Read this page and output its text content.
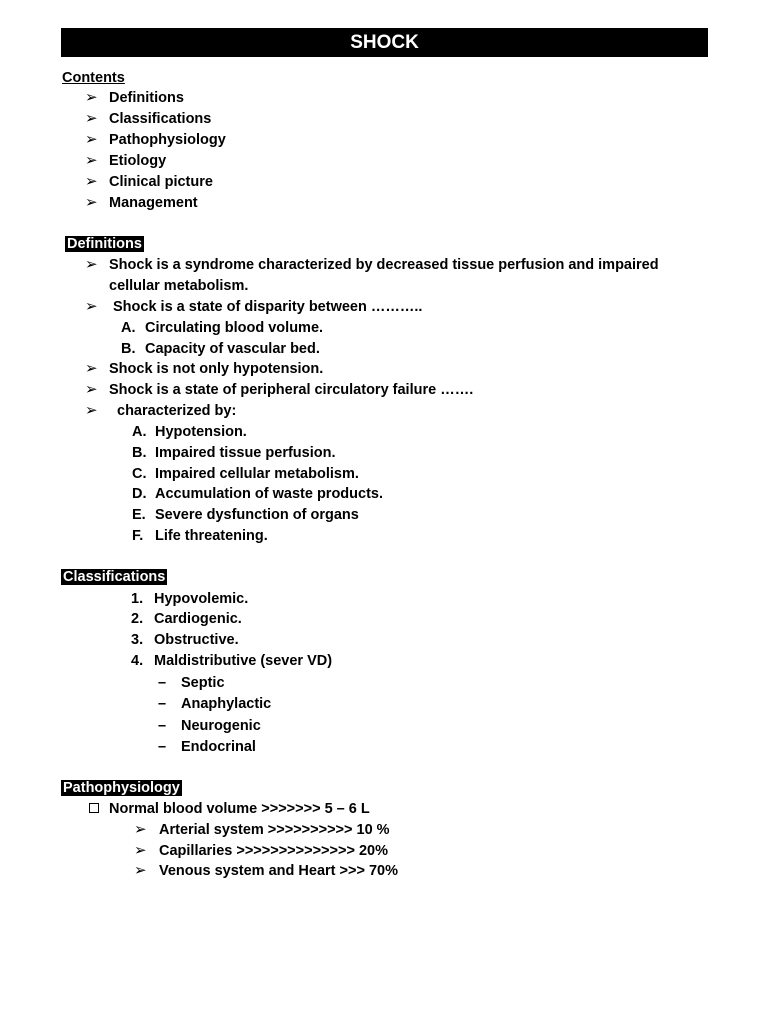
SHOCK
Contents
➢ Definitions
➢ Classifications
➢ Pathophysiology
➢ Etiology
➢ Clinical picture
➢ Management
Definitions
➢ Shock is a syndrome characterized by decreased tissue perfusion and impaired
cellular metabolism.
➢ Shock is a state of disparity between ………..
A. Circulating blood volume.
B. Capacity of vascular bed.
➢ Shock is not only hypotension.
➢ Shock is a state of peripheral circulatory failure …….
➢ characterized by:
A. Hypotension.
B. Impaired tissue perfusion.
C. Impaired cellular metabolism.
D. Accumulation of waste products.
E. Severe dysfunction of organs
F. Life threatening.
Classifications
1. Hypovolemic.
2. Cardiogenic.
3. Obstructive.
4. Maldistributive (sever VD)
– Septic
– Anaphylactic
– Neurogenic
– Endocrinal
Pathophysiology
Normal blood volume >>>>>>> 5 – 6 L
➢ Arterial system >>>>>>>>>> 10 %
➢ Capillaries >>>>>>>>>>>>>> 20%
➢ Venous system and Heart >>> 70%
